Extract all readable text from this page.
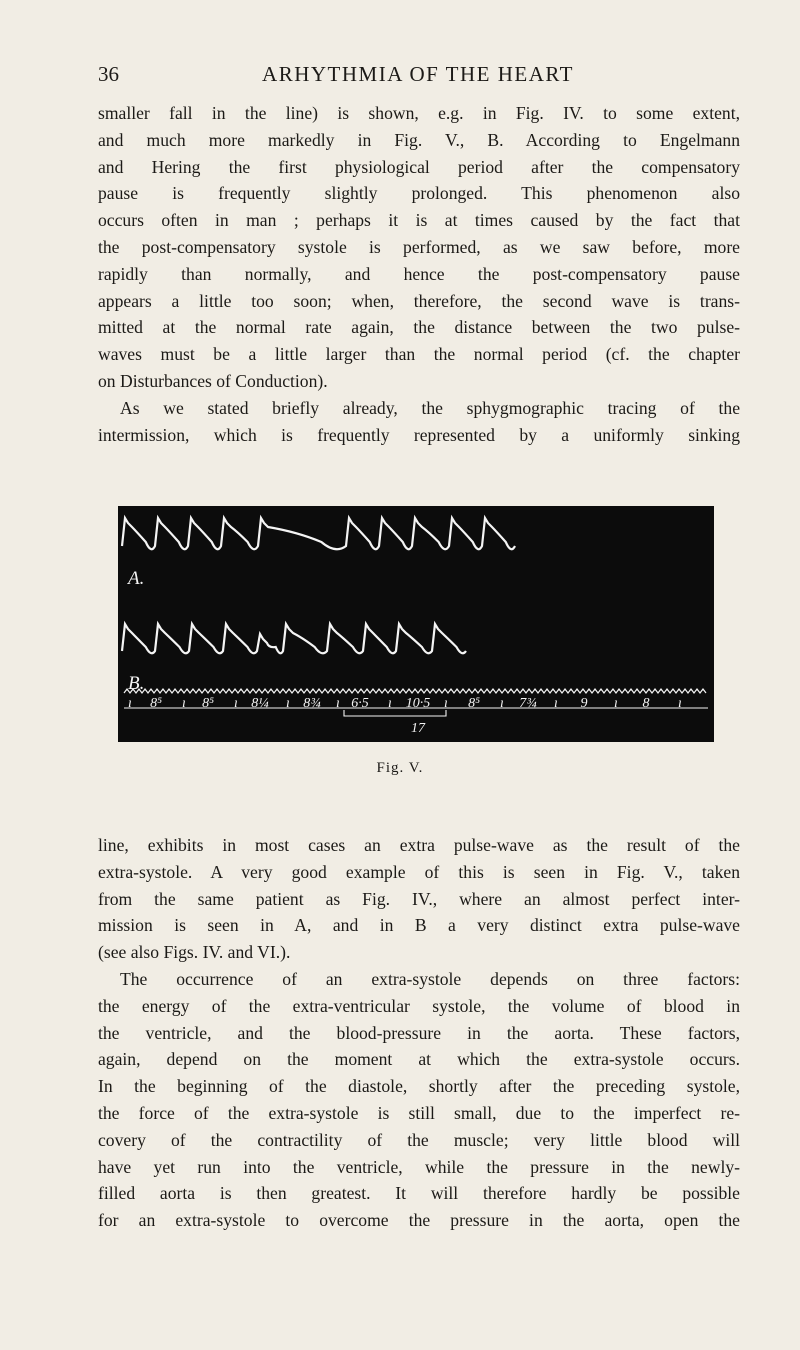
36	ARHYTHMIA OF THE HEART

smaller fall in the line) is shown, e.g. in Fig. IV. to some extent,

and much more markedly in Fig. V., B. According to Engelmann

and Hering the first physiological period after the compensatory

pause is frequently slightly prolonged. This phenomenon also

occurs often in man ; perhaps it is at times caused by the fact that

the post-compensatory systole is performed, as we saw before, more

rapidly than normally, and hence the post-compensatory pause

appears a little too soon; when, therefore, the second wave is trans-

mitted at the normal rate again, the distance between the two pulse-

waves must be a little larger than the normal period (cf. the chapter

on Disturbances of Conduction).

As we stated briefly already, the sphygmographic tracing of the

intermission, which is frequently represented by a uniformly sinking

A.
B.
ı	ı	ı	ı	ı	ı	ı	ı	ı	ı	ı
8⁵	8⁵	8¼ 8¾ 6·5	10·5	8⁵	7¾	9	8
17
Fig. V.

line, exhibits in most cases an extra pulse-wave as the result of the

extra-systole. A very good example of this is seen in Fig. V., taken

from the same patient as Fig. IV., where an almost perfect inter-

mission is seen in A, and in B a very distinct extra pulse-wave

(see also Figs. IV. and VI.).

The occurrence of an extra-systole depends on three factors:

the energy of the extra-ventricular systole, the volume of blood in

the ventricle, and the blood-pressure in the aorta. These factors,

again, depend on the moment at which the extra-systole occurs.

In the beginning of the diastole, shortly after the preceding systole,

the force of the extra-systole is still small, due to the imperfect re-

covery of the contractility of the muscle; very little blood will

have yet run into the ventricle, while the pressure in the newly-

filled aorta is then greatest. It will therefore hardly be possible

for an extra-systole to overcome the pressure in the aorta, open the
